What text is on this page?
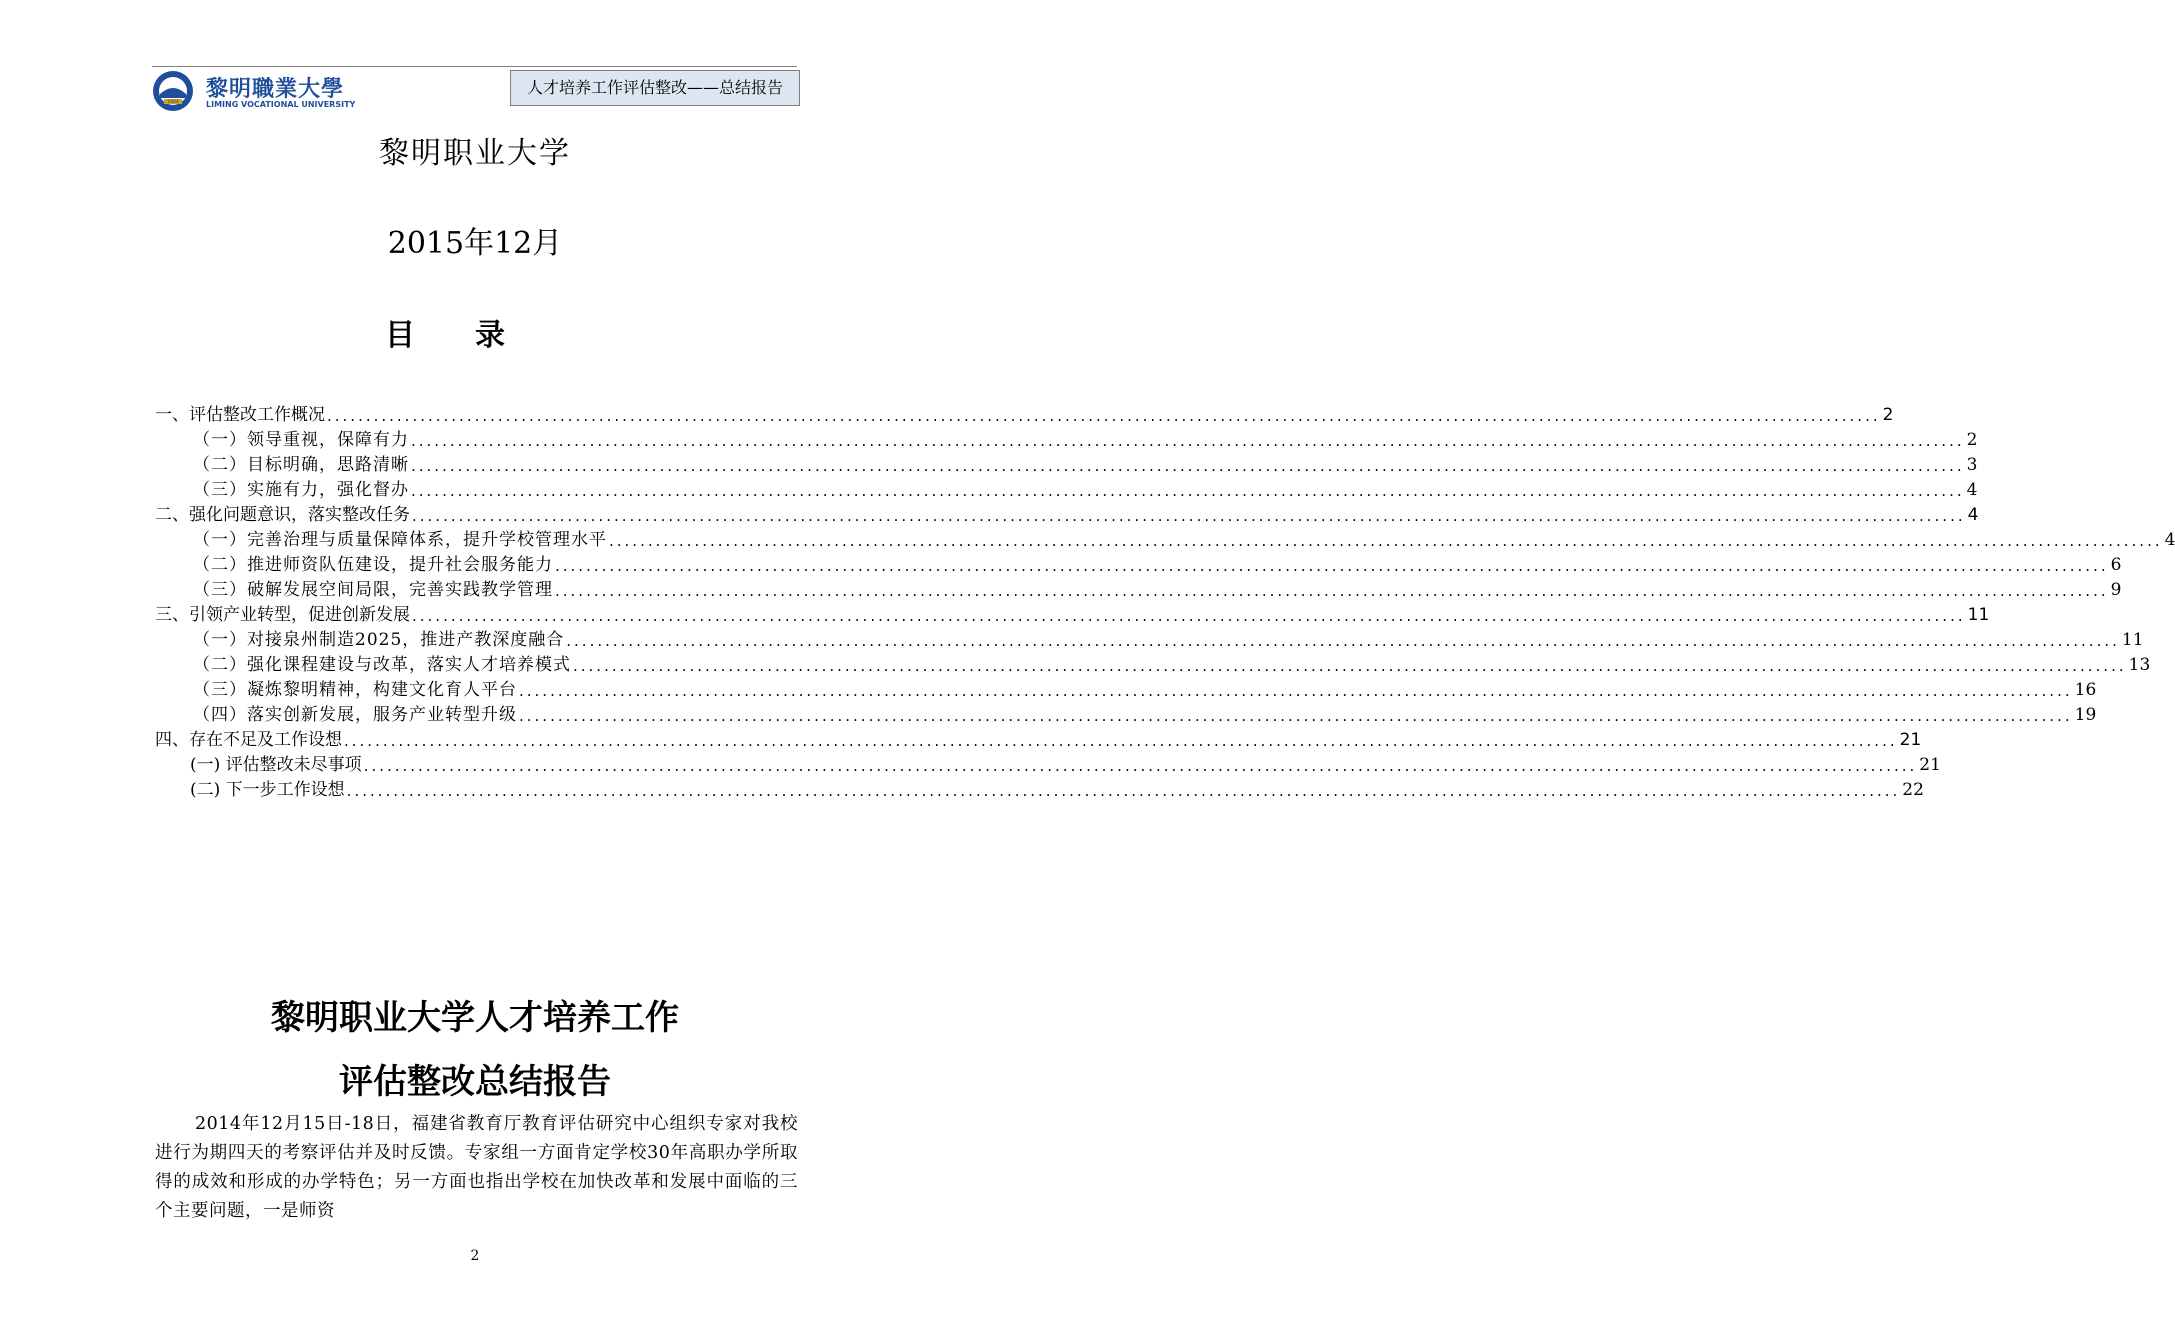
1984
黎明職業大學
LIMING VOCATIONAL UNIVERSITY
人才培养工作评估整改——总结报告
黎明职业大学
2015年12月
目录
一、评估整改工作概况 ........................................................................................................................................................................................................ 2
（一）领导重视，保障有力 ........................................................................................................................................................................................................ 2
（二）目标明确，思路清晰 ........................................................................................................................................................................................................ 3
（三）实施有力，强化督办 ........................................................................................................................................................................................................ 4
二、强化问题意识，落实整改任务 ........................................................................................................................................................................................................ 4
（一）完善治理与质量保障体系，提升学校管理水平 ........................................................................................................................................................................................................ 4
（二）推进师资队伍建设，提升社会服务能力 ........................................................................................................................................................................................................ 6
（三）破解发展空间局限，完善实践教学管理 ........................................................................................................................................................................................................ 9
三、引领产业转型，促进创新发展 ........................................................................................................................................................................................................ 11
（一）对接泉州制造2025，推进产教深度融合 ........................................................................................................................................................................................................ 11
（二）强化课程建设与改革，落实人才培养模式 ........................................................................................................................................................................................................ 13
（三）凝炼黎明精神，构建文化育人平台 ........................................................................................................................................................................................................ 16
（四）落实创新发展，服务产业转型升级 ........................................................................................................................................................................................................ 19
四、存在不足及工作设想 ........................................................................................................................................................................................................ 21
(一) 评估整改未尽事项 ........................................................................................................................................................................................................ 21
(二) 下一步工作设想 ........................................................................................................................................................................................................ 22
黎明职业大学人才培养工作
评估整改总结报告
2014年12月15日-18日，福建省教育厅教育评估研究中心组织专家对我校进行为期四天的考察评估并及时反馈。专家组一方面肯定学校30年高职办学所取得的成效和形成的办学特色；另一方面也指出学校在加快改革和发展中面临的三个主要问题，一是师资
2
